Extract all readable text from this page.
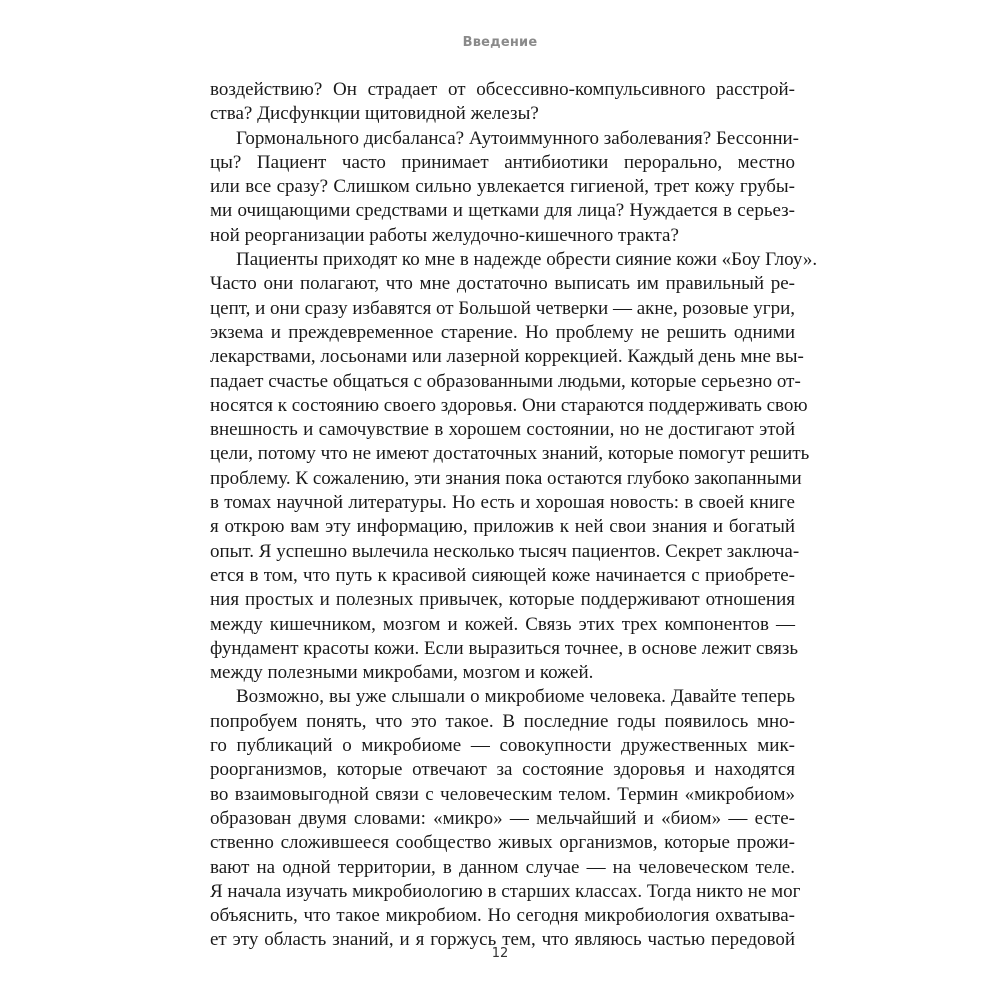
Введение
воздействию? Он страдает от обсессивно-компульсивного расстрой-
ства? Дисфункции щитовидной железы?
Гормонального дисбаланса? Аутоиммунного заболевания? Бессонни-
цы? Пациент часто принимает антибиотики перорально, местно
или все сразу? Слишком сильно увлекается гигиеной, трет кожу грубы-
ми очищающими средствами и щетками для лица? Нуждается в серьез-
ной реорганизации работы желудочно-кишечного тракта?
Пациенты приходят ко мне в надежде обрести сияние кожи «Боу Глоу».
Часто они полагают, что мне достаточно выписать им правильный ре-
цепт, и они сразу избавятся от Большой четверки — акне, розовые угри,
экзема и преждевременное старение. Но проблему не решить одними
лекарствами, лосьонами или лазерной коррекцией. Каждый день мне вы-
падает счастье общаться с образованными людьми, которые серьезно от-
носятся к состоянию своего здоровья. Они стараются поддерживать свою
внешность и самочувствие в хорошем состоянии, но не достигают этой
цели, потому что не имеют достаточных знаний, которые помогут решить
проблему. К сожалению, эти знания пока остаются глубоко закопанными
в томах научной литературы. Но есть и хорошая новость: в своей книге
я открою вам эту информацию, приложив к ней свои знания и богатый
опыт. Я успешно вылечила несколько тысяч пациентов. Секрет заключа-
ется в том, что путь к красивой сияющей коже начинается с приобрете-
ния простых и полезных привычек, которые поддерживают отношения
между кишечником, мозгом и кожей. Связь этих трех компонентов —
фундамент красоты кожи. Если выразиться точнее, в основе лежит связь
между полезными микробами, мозгом и кожей.
Возможно, вы уже слышали о микробиоме человека. Давайте теперь
попробуем понять, что это такое. В последние годы появилось мно-
го публикаций о микробиоме — совокупности дружественных мик-
роорганизмов, которые отвечают за состояние здоровья и находятся
во взаимовыгодной связи с человеческим телом. Термин «микробиом»
образован двумя словами: «микро» — мельчайший и «биом» — есте-
ственно сложившееся сообщество живых организмов, которые прожи-
вают на одной территории, в данном случае — на человеческом теле.
Я начала изучать микробиологию в старших классах. Тогда никто не мог
объяснить, что такое микробиом. Но сегодня микробиология охватыва-
ет эту область знаний, и я горжусь тем, что являюсь частью передовой
12
